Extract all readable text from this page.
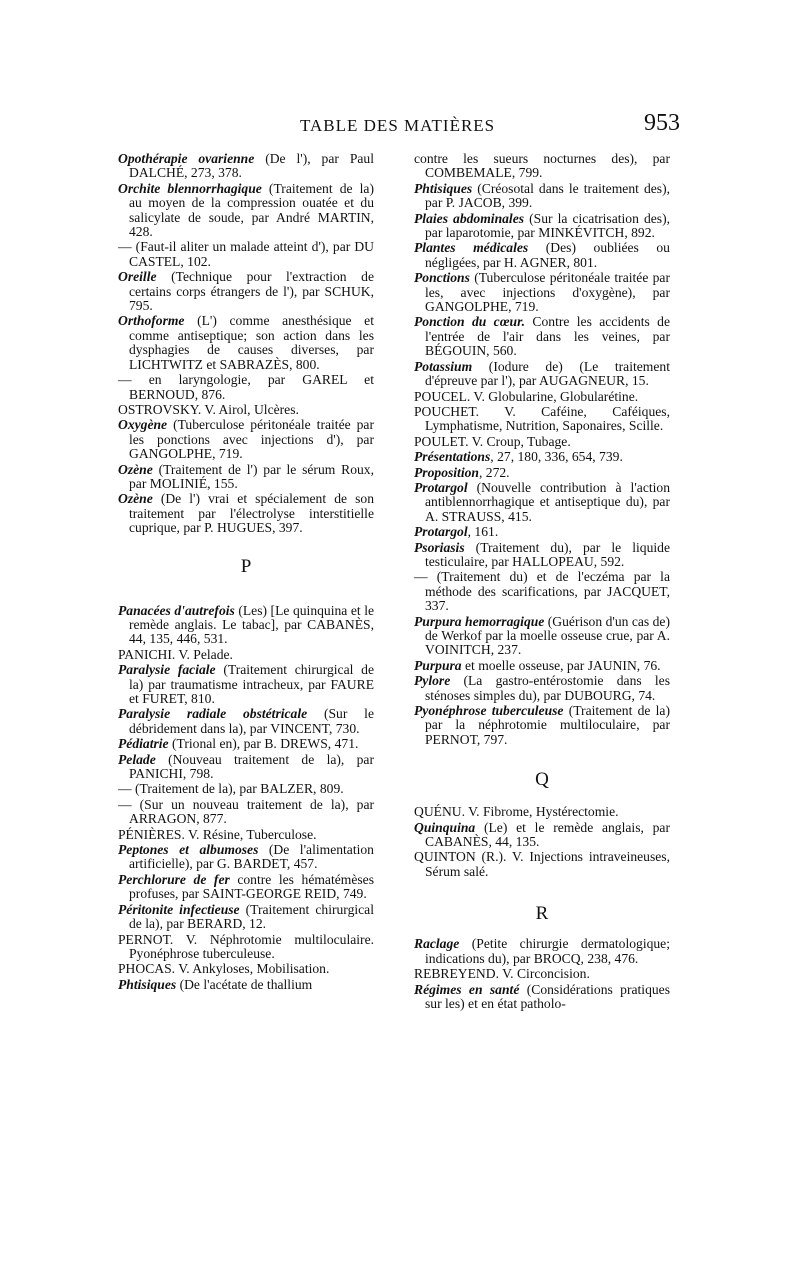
TABLE DES MATIÈRES	953

Opothérapie ovarienne (De l'), par Paul DALCHÉ, 273, 378.

Orchite blennorrhagique (Traitement de la) au moyen de la compression ouatée et du salicylate de soude, par André MARTIN, 428.

— (Faut-il aliter un malade atteint d'), par DU CASTEL, 102.

Oreille (Technique pour l'extraction de certains corps étrangers de l'), par SCHUK, 795.

Orthoforme (L') comme anesthésique et comme antiseptique; son action dans les dysphagies de causes diverses, par LICHTWITZ et SABRAZÈS, 800.

— en laryngologie, par GAREL et BERNOUD, 876.

OSTROVSKY. V. Airol, Ulcères.

Oxygène (Tuberculose péritonéale traitée par les ponctions avec injections d'), par GANGOLPHE, 719.

Ozène (Traitement de l') par le sérum Roux, par MOLINIÉ, 155.

Ozène (De l') vrai et spécialement de son traitement par l'électrolyse interstitielle cuprique, par P. HUGUES, 397.

P

Panacées d'autrefois (Les) [Le quinquina et le remède anglais. Le tabac], par CABANÈS, 44, 135, 446, 531.

PANICHI. V. Pelade.

Paralysie faciale (Traitement chirurgical de la) par traumatisme intracheux, par FAURE et FURET, 810.

Paralysie radiale obstétricale (Sur le débridement dans la), par VINCENT, 730.

Pédiatrie (Trional en), par B. DREWS, 471.

Pelade (Nouveau traitement de la), par PANICHI, 798.

— (Traitement de la), par BALZER, 809.

— (Sur un nouveau traitement de la), par ARRAGON, 877.

PÉNIÈRES. V. Résine, Tuberculose.

Peptones et albumoses (De l'alimentation artificielle), par G. BARDET, 457.

Perchlorure de fer contre les hématémèses profuses, par SAINT-GEORGE REID, 749.

Péritonite infectieuse (Traitement chirurgical de la), par BERARD, 12.

PERNOT. V. Néphrotomie multiloculaire. Pyonéphrose tuberculeuse.

PHOCAS. V. Ankyloses, Mobilisation.

Phtisiques (De l'acétate de thallium

contre les sueurs nocturnes des), par COMBEMALE, 799.

Phtisiques (Créosotal dans le traitement des), par P. JACOB, 399.

Plaies abdominales (Sur la cicatrisation des), par laparotomie, par MINKÉVITCH, 892.

Plantes médicales (Des) oubliées ou négligées, par H. AGNER, 801.

Ponctions (Tuberculose péritonéale traitée par les, avec injections d'oxygène), par GANGOLPHE, 719.

Ponction du cœur. Contre les accidents de l'entrée de l'air dans les veines, par BÉGOUIN, 560.

Potassium (Iodure de) (Le traitement d'épreuve par l'), par AUGAGNEUR, 15.

POUCEL. V. Globularine, Globularétine.

POUCHET. V. Caféine, Caféiques, Lymphatisme, Nutrition, Saponaires, Scille.

POULET. V. Croup, Tubage.

Présentations, 27, 180, 336, 654, 739.

Proposition, 272.

Protargol (Nouvelle contribution à l'action antiblennorrhagique et antiseptique du), par A. STRAUSS, 415.

Protargol, 161.

Psoriasis (Traitement du), par le liquide testiculaire, par HALLOPEAU, 592.

— (Traitement du) et de l'eczéma par la méthode des scarifications, par JACQUET, 337.

Purpura hemorragique (Guérison d'un cas de) de Werkof par la moelle osseuse crue, par A. VOINITCH, 237.

Purpura et moelle osseuse, par JAUNIN, 76.

Pylore (La gastro-entérostomie dans les sténoses simples du), par DUBOURG, 74.

Pyonéphrose tuberculeuse (Traitement de la) par la néphrotomie multiloculaire, par PERNOT, 797.

Q

QUÉNU. V. Fibrome, Hystérectomie.

Quinquina (Le) et le remède anglais, par CABANÈS, 44, 135.

QUINTON (R.). V. Injections intraveineuses, Sérum salé.

R

Raclage (Petite chirurgie dermatologique; indications du), par BROCQ, 238, 476.

REBREYEND. V. Circoncision.

Régimes en santé (Considérations pratiques sur les) et en état patholo-
